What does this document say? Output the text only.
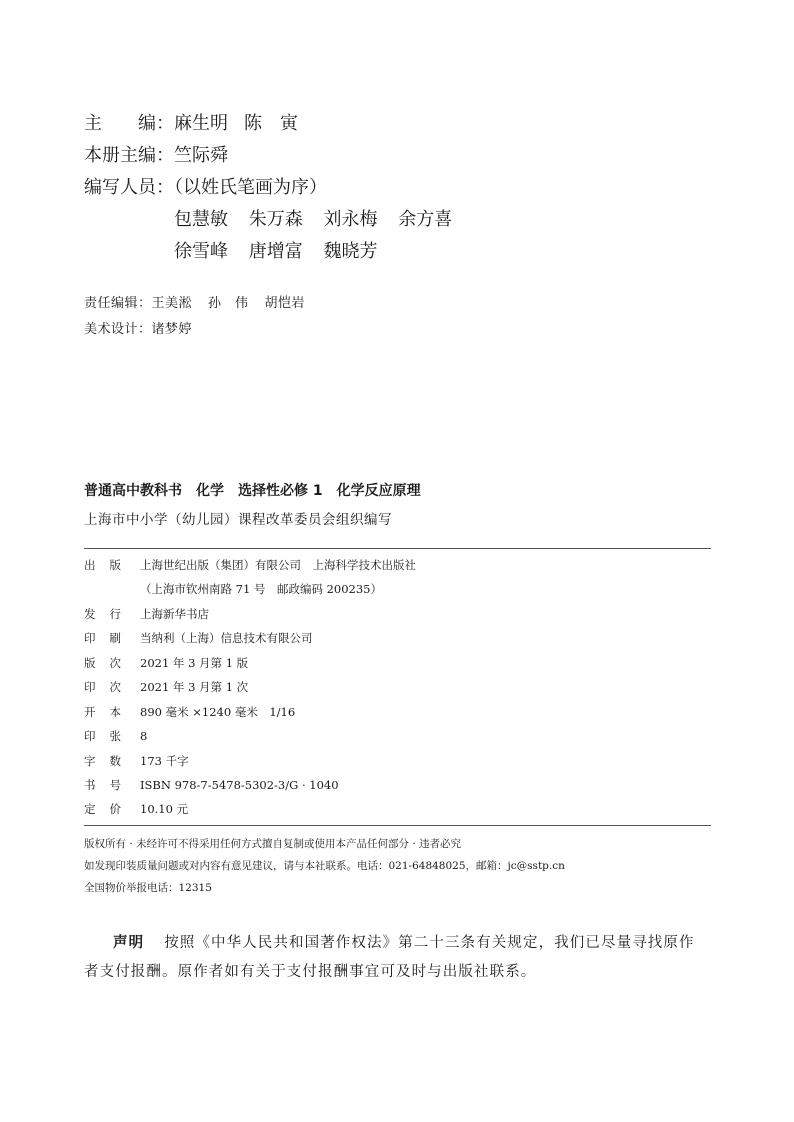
主　　编：麻生明 陈　寅
本册主编：竺际舜
编写人员：（以姓氏笔画为序）
包慧敏 朱万森 刘永梅 余方喜
徐雪峰 唐增富 魏晓芳
责任编辑：王美淞 孙　伟 胡恺岩
美术设计：诸梦婷
普通高中教科书 化学 选择性必修 1 化学反应原理
上海市中小学（幼儿园）课程改革委员会组织编写
出版 上海世纪出版（集团）有限公司　上海科学技术出版社
（上海市钦州南路 71 号　邮政编码 200235）
发行 上海新华书店
印刷 当纳利（上海）信息技术有限公司
版次 2021 年 3 月第 1 版
印次 2021 年 3 月第 1 次
开本 890 毫米 ×1240 毫米　1/16
印张 8
字数 173 千字
书号 ISBN 978-7-5478-5302-3/G · 1040
定价 10.10 元
版权所有 · 未经许可不得采用任何方式擅自复制或使用本产品任何部分 · 违者必究
如发现印装质量问题或对内容有意见建议，请与本社联系。电话：021-64848025，邮箱：jc@sstp.cn
全国物价举报电话：12315
声明 按照《中华人民共和国著作权法》第二十三条有关规定，我们已尽量寻找原作
者支付报酬。原作者如有关于支付报酬事宜可及时与出版社联系。
